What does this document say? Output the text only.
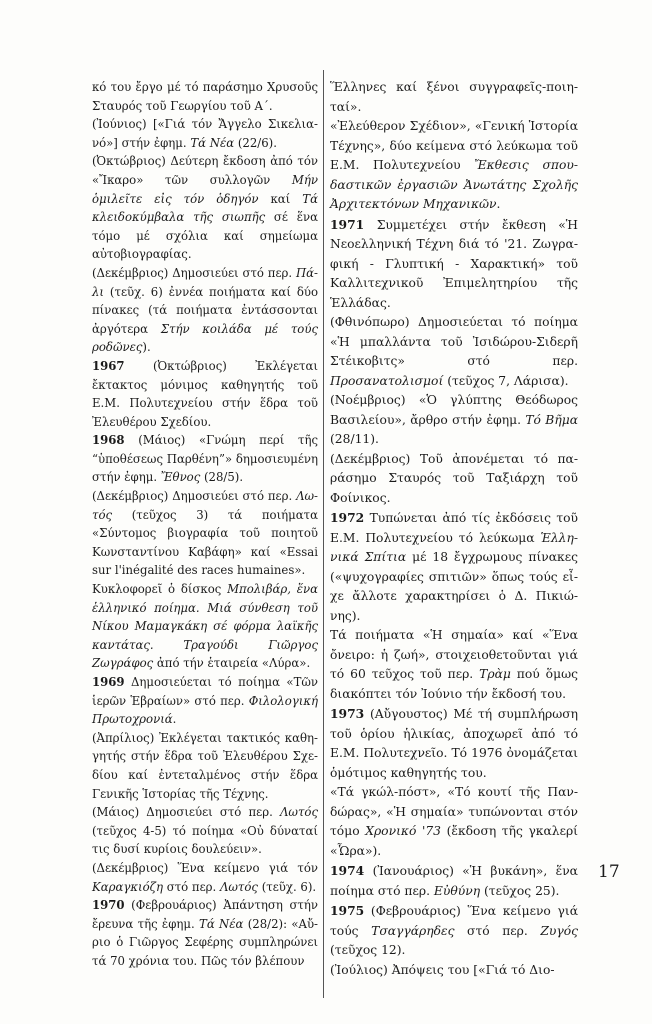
κό του ἔργο μέ τό παράσημο Χρυσοῦς Σταυρός τοῦ Γεωργίου τοῦ Α΄.

(Ἰούνιος) [«Γιά τόν Ἄγγελο Σικελιανό»] στήν ἐφημ. Τά Νέα (22/6).

(Ὀκτώβριος) Δεύτερη ἔκδοση ἀπό τόν «Ἴκαρο» τῶν συλλογῶν Μήν ὁμιλεῖτε εἰς τόν ὁδηγόν καί Τά κλειδοκύμβαλα τῆς σιωπῆς σέ ἕνα τόμο μέ σχόλια καί σημείωμα αὐτοβιογραφίας.

(Δεκέμβριος) Δημοσιεύει στό περ. Πάλι (τεῦχ. 6) ἐννέα ποιήματα καί δύο πίνακες (τά ποιήματα ἐντάσσονται ἀργότερα Στήν κοιλάδα μέ τούς ροδῶνες).

1967 (Ὀκτώβριος) Ἐκλέγεται ἔκτακτος μόνιμος καθηγητής τοῦ Ε.Μ. Πολυτεχνείου στήν ἕδρα τοῦ Ἐλευθέρου Σχεδίου.

1968 (Μάιος) «Γνώμη περί τῆς “ὑποθέσεως Παρθένη”» δημοσιευμένη στήν ἐφημ. Ἔθνος (28/5).

(Δεκέμβριος) Δημοσιεύει στό περ. Λωτός (τεῦχος 3) τά ποιήματα «Σύντομος βιογραφία τοῦ ποιητοῦ Κωνσταντίνου Καβάφη» καί «Essai sur l'inégalité des races humaines».

Κυκλοφορεῖ ὁ δίσκος Μπολιβάρ, ἕνα ἑλληνικό ποίημα. Μιά σύνθεση τοῦ Νίκου Μαμαγκάκη σέ φόρμα λαϊκῆς καντάτας. Τραγούδι Γιῶργος Ζωγράφος ἀπό τήν ἑταιρεία «Λύρα».

1969 Δημοσιεύεται τό ποίημα «Τῶν ἱερῶν Ἑβραίων» στό περ. Φιλολογική Πρωτοχρονιά.

(Ἀπρίλιος) Ἐκλέγεται τακτικός καθηγητής στήν ἕδρα τοῦ Ἐλευθέρου Σχεδίου καί ἐντεταλμένος στήν ἕδρα Γενικῆς Ἱστορίας τῆς Τέχνης.

(Μάιος) Δημοσιεύει στό περ. Λωτός (τεῦχος 4-5) τό ποίημα «Οὐ δύναταί τις δυσί κυρίοις δουλεύειν».

(Δεκέμβριος) Ἕνα κείμενο γιά τόν Καραγκιόζη στό περ. Λωτός (τεῦχ. 6).

1970 (Φεβρουάριος) Ἀπάντηση στήν ἔρευνα τῆς ἐφημ. Τά Νέα (28/2): «Αὔριο ὁ Γιῶργος Σεφέρης συμπληρώνει τά 70 χρόνια του. Πῶς τόν βλέπουν

Ἕλληνες καί ξένοι συγγραφεῖς-ποιηταί».

«Ἐλεύθερον Σχέδιον», «Γενική Ἱστορία Τέχνης», δύο κείμενα στό λεύκωμα τοῦ Ε.Μ. Πολυτεχνείου Ἔκθεσις σπουδαστικῶν ἐργασιῶν Ἀνωτάτης Σχολῆς Ἀρχιτεκτόνων Μηχανικῶν.

1971 Συμμετέχει στήν ἔκθεση «Ἡ Νεοελληνική Τέχνη διά τό '21. Ζωγραφική - Γλυπτική - Χαρακτική» τοῦ Καλλιτεχνικοῦ Ἐπιμελητηρίου τῆς Ἑλλάδας.

(Φθινόπωρο) Δημοσιεύεται τό ποίημα «Ἡ μπαλλάντα τοῦ Ἰσιδώρου-Σιδερῆ Στέικοβιτς» στό περ. Προσανατολισμοί (τεῦχος 7, Λάρισα).

(Νοέμβριος) «Ὁ γλύπτης Θεόδωρος Βασιλείου», ἄρθρο στήν ἐφημ. Τό Βῆμα (28/11).

(Δεκέμβριος) Τοῦ ἀπονέμεται τό παράσημο Σταυρός τοῦ Ταξιάρχη τοῦ Φοίνικος.

1972 Τυπώνεται ἀπό τίς ἐκδόσεις τοῦ Ε.Μ. Πολυτεχνείου τό λεύκωμα Ἑλληνικά Σπίτια μέ 18 ἔγχρωμους πίνακες («ψυχογραφίες σπιτιῶν» ὅπως τούς εἶχε ἄλλοτε χαρακτηρίσει ὁ Δ. Πικιώνης).

Τά ποιήματα «Ἡ σημαία» καί «Ἕνα ὄνειρο: ἡ ζωή», στοιχειοθετοῦνται γιά τό 60 τεῦχος τοῦ περ. Τρὰμ πού ὅμως διακόπτει τόν Ἰούνιο τήν ἔκδοσή του.

1973 (Αὔγουστος) Μέ τή συμπλήρωση τοῦ ὁρίου ἡλικίας, ἀποχωρεῖ ἀπό τό Ε.Μ. Πολυτεχνεῖο. Τό 1976 ὀνομάζεται ὁμότιμος καθηγητής του.

«Τά γκώλ-πόστ», «Τό κουτί τῆς Πανδώρας», «Ἡ σημαία» τυπώνονται στόν τόμο Χρονικό '73 (ἔκδοση τῆς γκαλερί «Ὧρα»).

1974 (Ἰανουάριος) «Ἡ βυκάνη», ἕνα ποίημα στό περ. Εὐθύνη (τεῦχος 25).

1975 (Φεβρουάριος) Ἕνα κείμενο γιά τούς Τσαγγάρηδες στό περ. Ζυγός (τεῦχος 12).

(Ἰούλιος) Ἀπόψεις του [«Γιά τό Διο-

17
